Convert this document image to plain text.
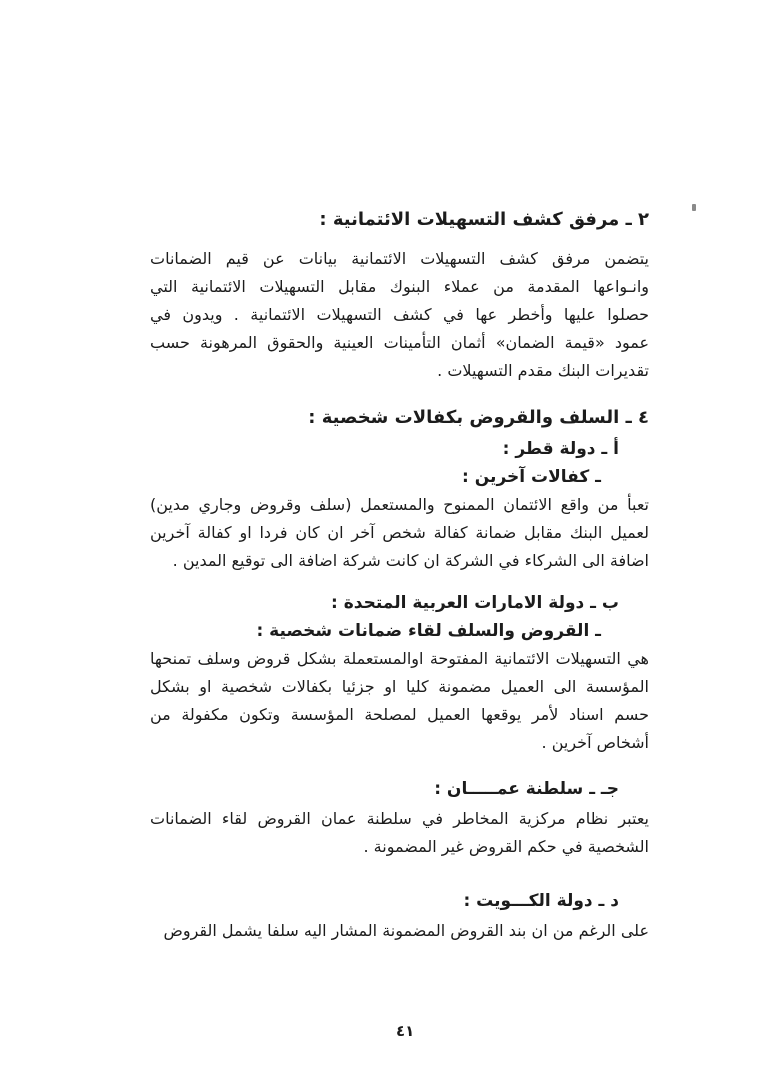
٢ ـ مرفق كشف التسهيلات الائتمانية :
يتضمن مرفق كشف التسهيلات الائتمانية بيانات عن قيم الضمانات
وانـواعها المقدمة من عملاء البنوك مقابل التسهيلات الائتمانية التي
حصلوا عليها وأخطر عها في كشف التسهيلات الائتمانية . ويدون في
عمود «قيمة الضمان» أثمان التأمينات العينية والحقوق المرهونة حسب
تقديرات البنك مقدم التسهيلات .
٤ ـ السلف والقروض بكفالات شخصية :
أ ـ دولة قطر :
ـ كفالات آخرين :
تعبأ من واقع الائتمان الممنوح والمستعمل (سلف وقروض وجاري مدين)
لعميل البنك مقابل ضمانة كفالة شخص آخر ان كان فردا او كفالة آخرين
اضافة الى الشركاء في الشركة ان كانت شركة اضافة الى توقيع المدين .
ب ـ دولة الامارات العربية المتحدة :
ـ القروض والسلف لقاء ضمانات شخصية :
هي التسهيلات الائتمانية المفتوحة اوالمستعملة بشكل قروض وسلف تمنحها
المؤسسة الى العميل مضمونة كليا او جزئيا بكفالات شخصية او بشكل
حسم اسناد لأمر يوقعها العميل لمصلحة المؤسسة وتكون مكفولة من
أشخاص آخرين .
جـ ـ سلطنة عمـــــان :
يعتبر نظام مركزية المخاطر في سلطنة عمان القروض لقاء الضمانات
الشخصية في حكم القروض غير المضمونة .
د ـ دولة الكـــويت :
على الرغم من ان بند القروض المضمونة المشار اليه سلفا يشمل القروض
٤١
